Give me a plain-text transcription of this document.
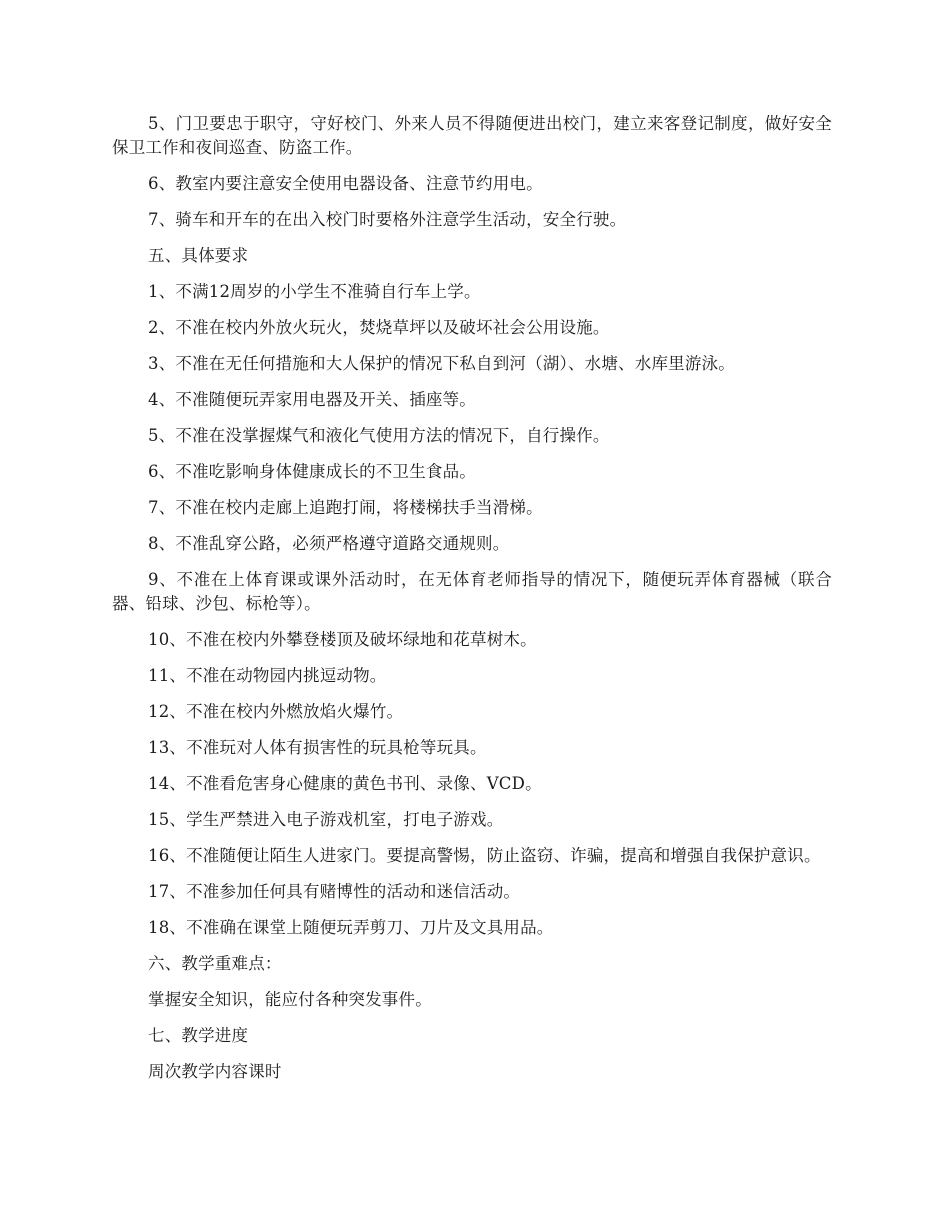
5、门卫要忠于职守，守好校门、外来人员不得随便进出校门，建立来客登记制度，做好安全保卫工作和夜间巡查、防盗工作。

6、教室内要注意安全使用电器设备、注意节约用电。

7、骑车和开车的在出入校门时要格外注意学生活动，安全行驶。

五、具体要求

1、不满12周岁的小学生不准骑自行车上学。

2、不准在校内外放火玩火，焚烧草坪以及破坏社会公用设施。

3、不准在无任何措施和大人保护的情况下私自到河（湖）、水塘、水库里游泳。

4、不准随便玩弄家用电器及开关、插座等。

5、不准在没掌握煤气和液化气使用方法的情况下，自行操作。

6、不准吃影响身体健康成长的不卫生食品。

7、不准在校内走廊上追跑打闹，将楼梯扶手当滑梯。

8、不准乱穿公路，必须严格遵守道路交通规则。

9、不准在上体育课或课外活动时，在无体育老师指导的情况下，随便玩弄体育器械（联合器、铅球、沙包、标枪等）。

10、不准在校内外攀登楼顶及破坏绿地和花草树木。

11、不准在动物园内挑逗动物。

12、不准在校内外燃放焰火爆竹。

13、不准玩对人体有损害性的玩具枪等玩具。

14、不准看危害身心健康的黄色书刊、录像、VCD。

15、学生严禁进入电子游戏机室，打电子游戏。

16、不准随便让陌生人进家门。要提高警惕，防止盗窃、诈骗，提高和增强自我保护意识。

17、不准参加任何具有赌博性的活动和迷信活动。

18、不准确在课堂上随便玩弄剪刀、刀片及文具用品。

六、教学重难点：

掌握安全知识，能应付各种突发事件。

七、教学进度

周次教学内容课时
